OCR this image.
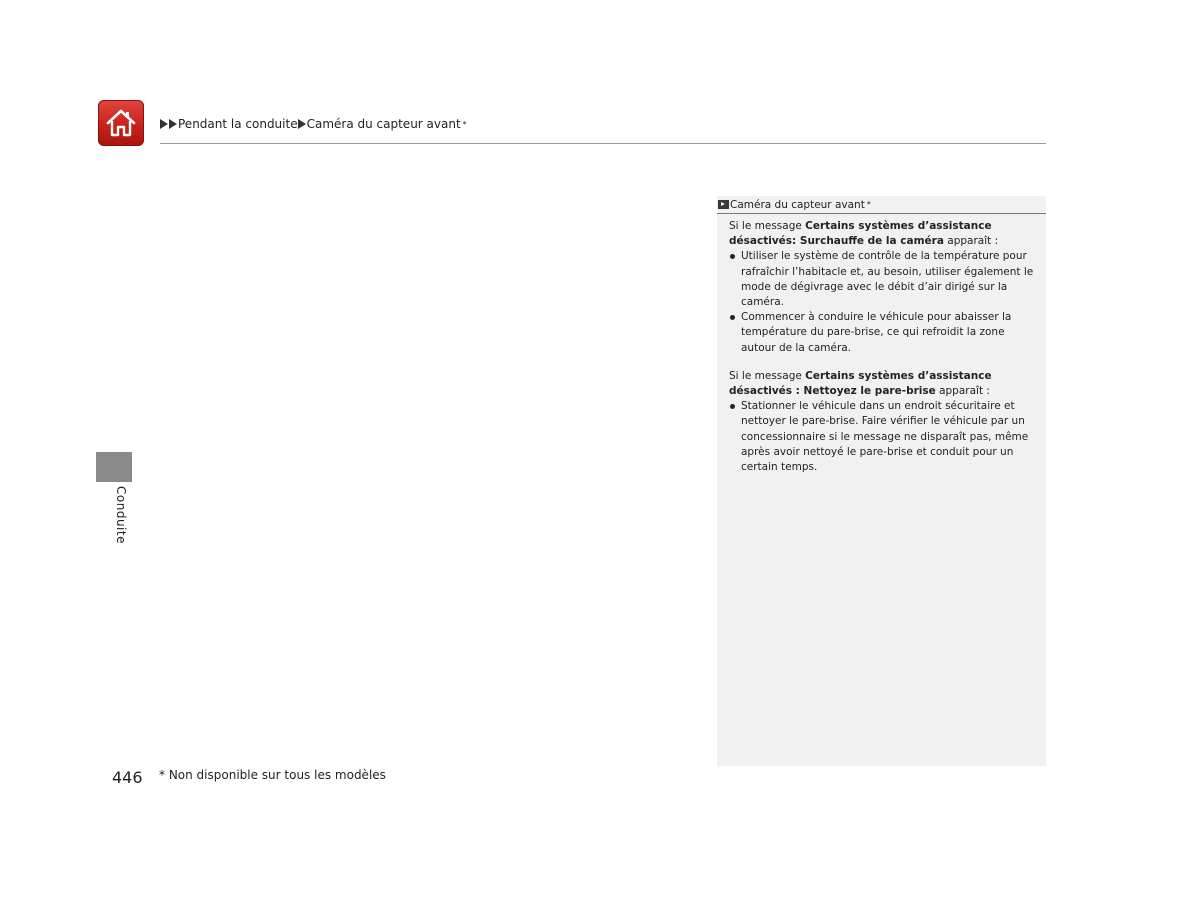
Pendant la conduite Caméra du capteur avant *
Conduite
Caméra du capteur avant *

Si le message Certains systèmes d’assistance désactivés: Surchauffe de la caméra apparaît :

Utiliser le système de contrôle de la température pour rafraîchir l’habitacle et, au besoin, utiliser également le mode de dégivrage avec le débit d’air dirigé sur la caméra.
Commencer à conduire le véhicule pour abaisser la température du pare-brise, ce qui refroidit la zone autour de la caméra.

Si le message Certains systèmes d’assistance désactivés : Nettoyez le pare-brise apparaît :

Stationner le véhicule dans un endroit sécuritaire et nettoyer le pare-brise. Faire vérifier le véhicule par un concessionnaire si le message ne disparaît pas, même après avoir nettoyé le pare-brise et conduit pour un certain temps.
446 * Non disponible sur tous les modèles
